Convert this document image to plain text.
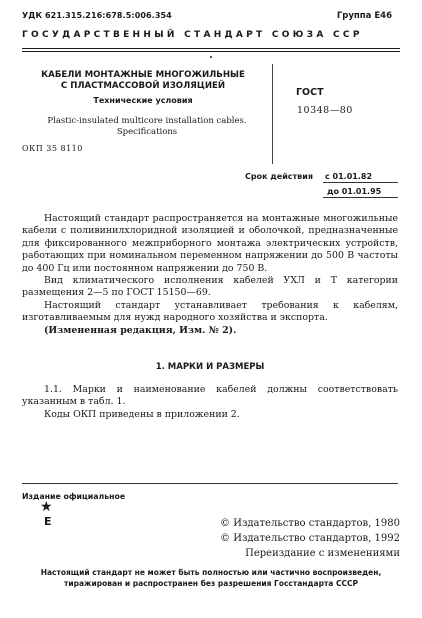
УДК 621.315.216:678.5:006.354	Группа Е46
ГОСУДАРСТВЕННЫЙ СТАНДАРТ СОЮЗА ССР
КАБЕЛИ МОНТАЖНЫЕ МНОГОЖИЛЬНЫЕ
С ПЛАСТМАССОВОЙ ИЗОЛЯЦИЕЙ
Технические условия
Plastic-insulated multicore installation cables.
Specifications
ГОСТ
10348—80
ОКП 35 8110
Срок действия с 01.01.82
до 01.01.95

Настоящий стандарт распространяется на монтажные многожильные кабели с поливинилхлоридной изоляцией и оболочкой, предназначенные для фиксированного межприборного монтажа электрических устройств, работающих при номинальном переменном напряжении до 500 В частоты до 400 Гц или постоянном напряжении до 750 В.

Вид климатического исполнения кабелей УХЛ и Т категории размещения 2—5 по ГОСТ 15150—69.

Настоящий стандарт устанавливает требования к кабелям, изготавливаемым для нужд народного хозяйства и экспорта.

(Измененная редакция, Изм. № 2).

1. МАРКИ И РАЗМЕРЫ

1.1. Марки и наименование кабелей должны соответствовать указанным в табл. 1.

Коды ОКП приведены в приложении 2.

Издание официальное
★
Е	© Издательство стандартов, 1980
© Издательство стандартов, 1992
Переиздание с изменениями
Настоящий стандарт не может быть полностью или частично воспроизведен,
тиражирован и распространен без разрешения Госстандарта СССР
